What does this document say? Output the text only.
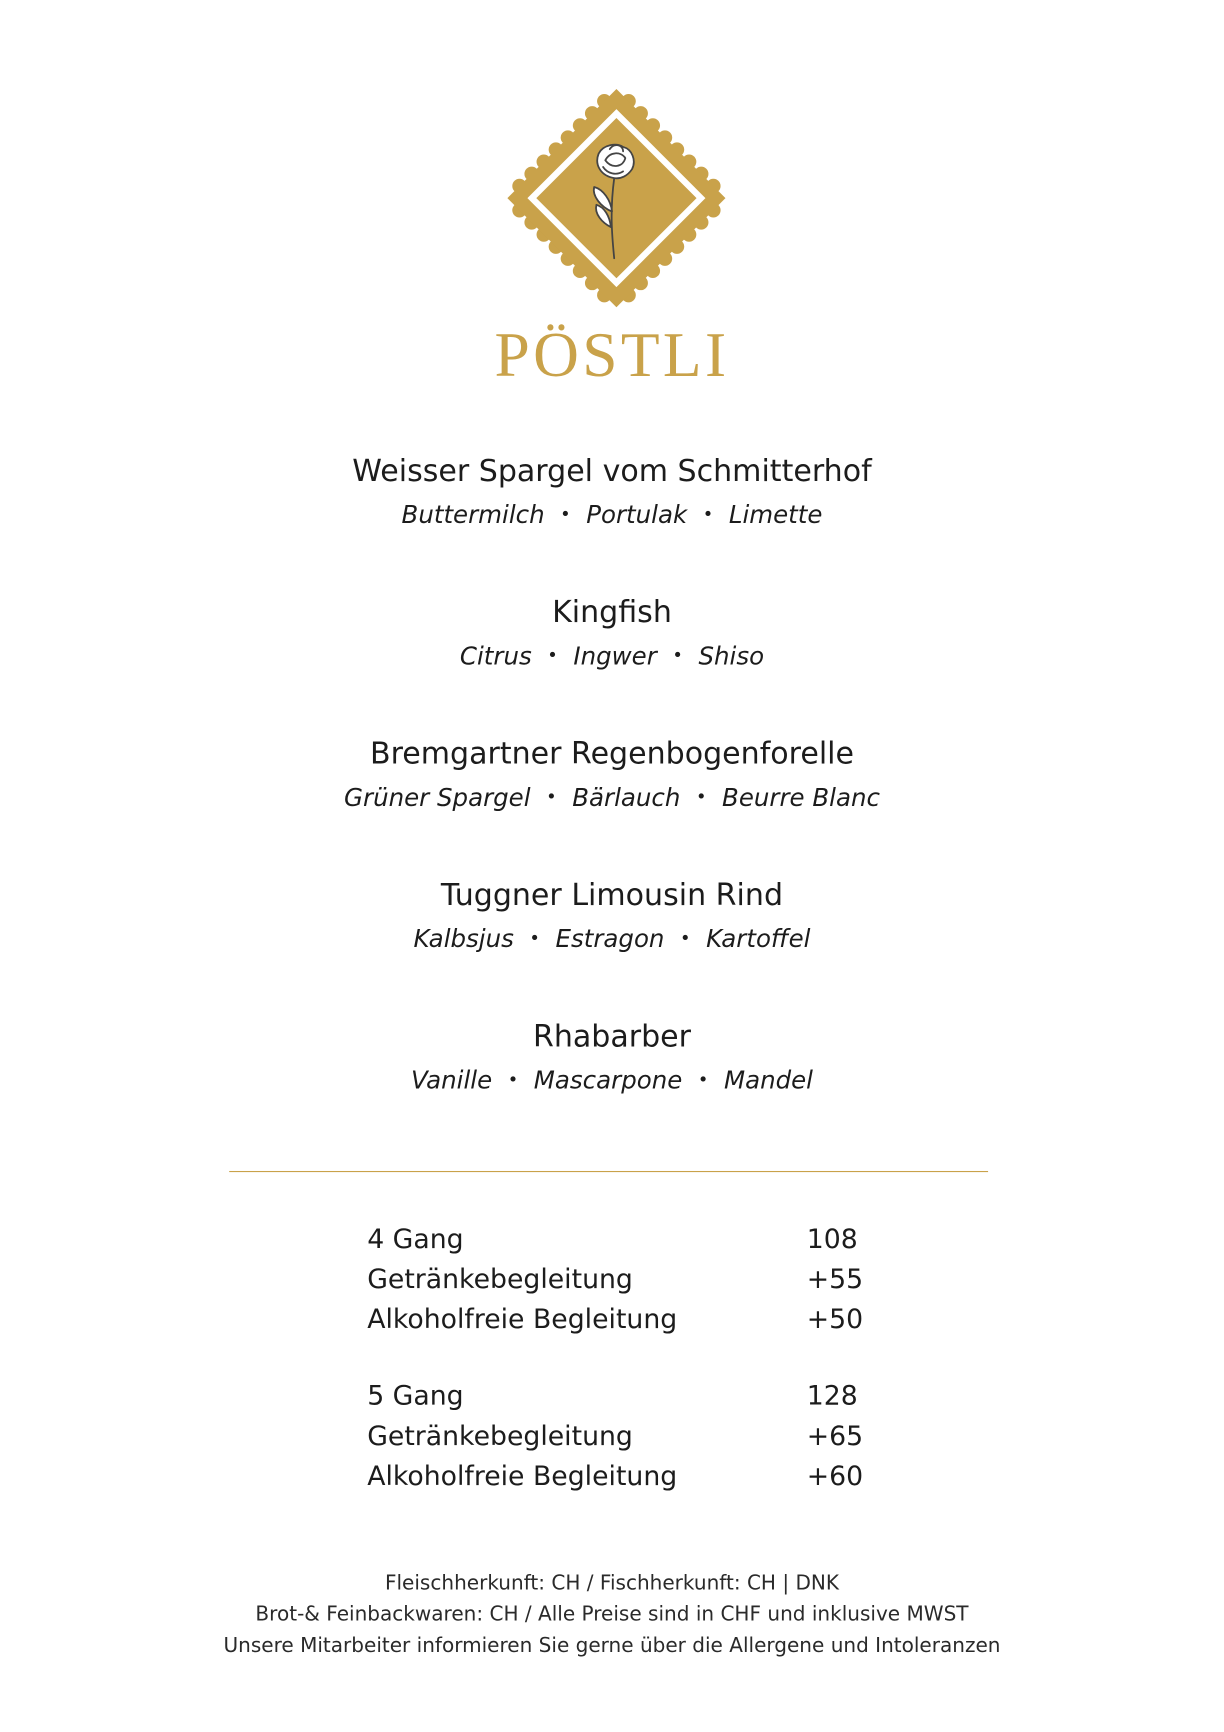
PÖSTLI
Weisser Spargel vom Schmitterhof
Buttermilch • Portulak • Limette
Kingfish
Citrus • Ingwer • Shiso
Bremgartner Regenbogenforelle
Grüner Spargel • Bärlauch • Beurre Blanc
Tuggner Limousin Rind
Kalbsjus • Estragon • Kartoffel
Rhabarber
Vanille • Mascarpone • Mandel
4 Gang	108
Getränkebegleitung	+55
Alkoholfreie Begleitung	+50
5 Gang	128
Getränkebegleitung	+65
Alkoholfreie Begleitung	+60
Fleischherkunft: CH / Fischherkunft: CH | DNK
Brot-& Feinbackwaren: CH / Alle Preise sind in CHF und inklusive MWST
Unsere Mitarbeiter informieren Sie gerne über die Allergene und Intoleranzen
